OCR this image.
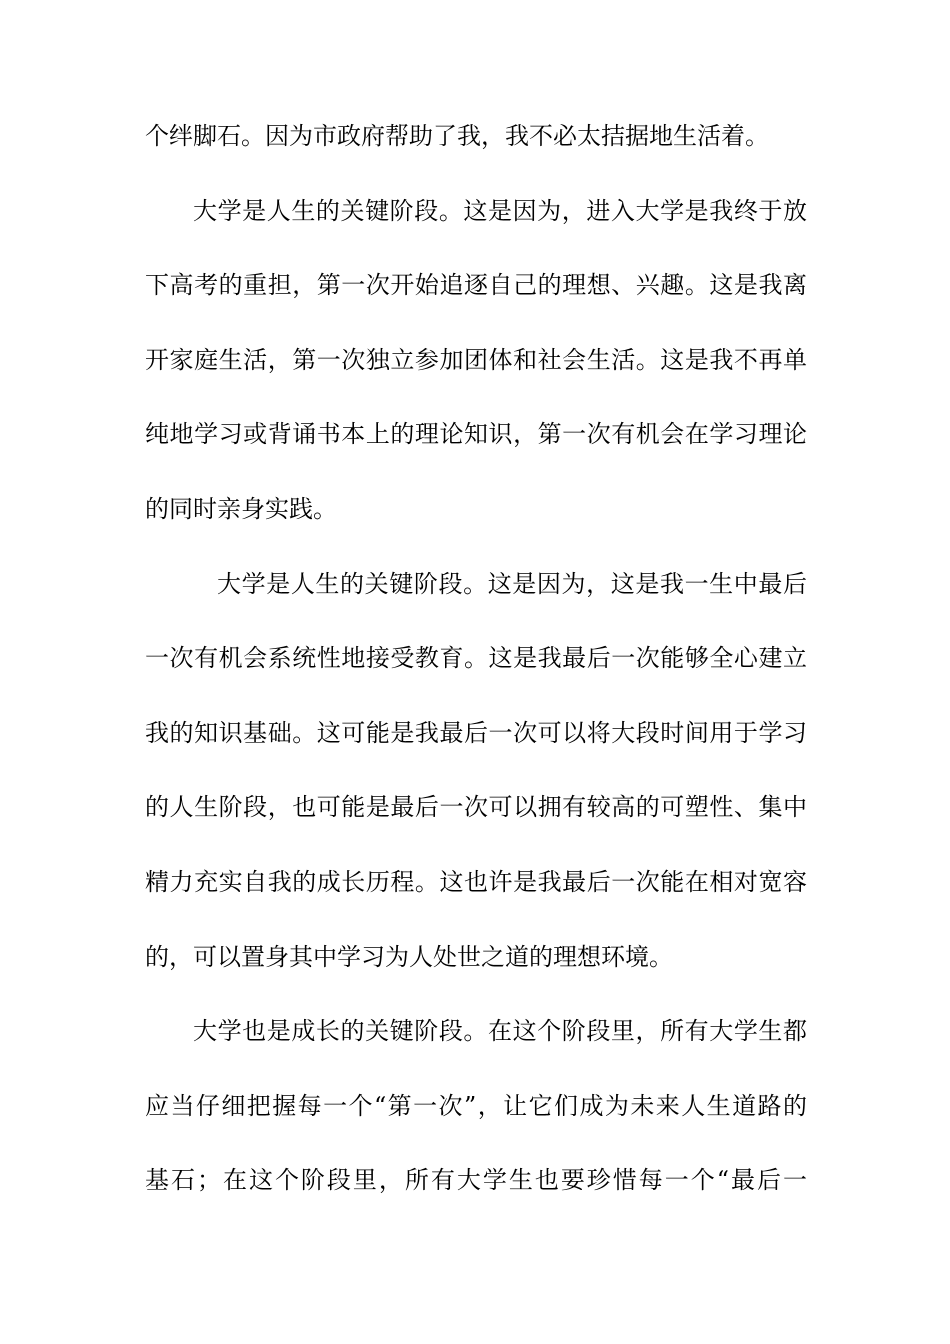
个绊脚石。因为市政府帮助了我，我不必太拮据地生活着。
大学是人生的关键阶段。这是因为，进入大学是我终于放
下高考的重担，第一次开始追逐自己的理想、兴趣。这是我离
开家庭生活，第一次独立参加团体和社会生活。这是我不再单
纯地学习或背诵书本上的理论知识，第一次有机会在学习理论
的同时亲身实践。
大学是人生的关键阶段。这是因为，这是我一生中最后
一次有机会系统性地接受教育。这是我最后一次能够全心建立
我的知识基础。这可能是我最后一次可以将大段时间用于学习
的人生阶段，也可能是最后一次可以拥有较高的可塑性、集中
精力充实自我的成长历程。这也许是我最后一次能在相对宽容
的，可以置身其中学习为人处世之道的理想环境。
大学也是成长的关键阶段。在这个阶段里，所有大学生都
应当仔细把握每一个“第一次”，让它们成为未来人生道路的
基石；在这个阶段里，所有大学生也要珍惜每一个“最后一
